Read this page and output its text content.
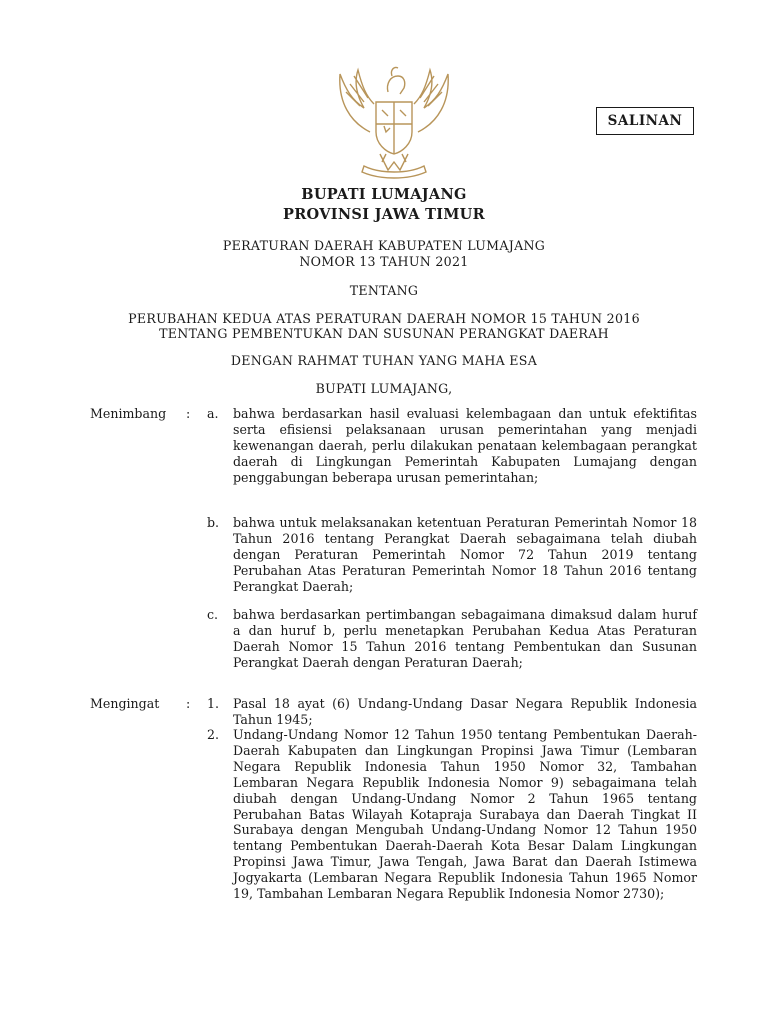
SALINAN
BUPATI LUMAJANG
PROVINSI JAWA TIMUR
PERATURAN DAERAH KABUPATEN LUMAJANG
NOMOR 13 TAHUN 2021
TENTANG
PERUBAHAN KEDUA ATAS PERATURAN DAERAH NOMOR 15 TAHUN 2016
TENTANG PEMBENTUKAN DAN SUSUNAN PERANGKAT DAERAH
DENGAN RAHMAT TUHAN YANG MAHA ESA
BUPATI LUMAJANG,
Menimbang : a. bahwa berdasarkan hasil evaluasi kelembagaan dan untuk efektifitas serta efisiensi pelaksanaan urusan pemerintahan yang menjadi kewenangan daerah, perlu dilakukan penataan kelembagaan perangkat daerah di Lingkungan Pemerintah Kabupaten Lumajang dengan penggabungan beberapa urusan pemerintahan;

b. bahwa untuk melaksanakan ketentuan Peraturan Pemerintah Nomor 18 Tahun 2016 tentang Perangkat Daerah sebagaimana telah diubah dengan Peraturan Pemerintah Nomor 72 Tahun 2019 tentang Perubahan Atas Peraturan Pemerintah Nomor 18 Tahun 2016 tentang Perangkat Daerah;

c. bahwa berdasarkan pertimbangan sebagaimana dimaksud dalam huruf a dan huruf b, perlu menetapkan Perubahan Kedua Atas Peraturan Daerah Nomor 15 Tahun 2016 tentang Pembentukan dan Susunan Perangkat Daerah dengan Peraturan Daerah;

Mengingat : 1. Pasal 18 ayat (6) Undang-Undang Dasar Negara Republik Indonesia Tahun 1945;

2. Undang-Undang Nomor 12 Tahun 1950 tentang Pembentukan Daerah-Daerah Kabupaten dan Lingkungan Propinsi Jawa Timur (Lembaran Negara Republik Indonesia Tahun 1950 Nomor 32, Tambahan Lembaran Negara Republik Indonesia Nomor 9) sebagaimana telah diubah dengan Undang-Undang Nomor 2 Tahun 1965 tentang Perubahan Batas Wilayah Kotapraja Surabaya dan Daerah Tingkat II Surabaya dengan Mengubah Undang-Undang Nomor 12 Tahun 1950 tentang Pembentukan Daerah-Daerah Kota Besar Dalam Lingkungan Propinsi Jawa Timur, Jawa Tengah, Jawa Barat dan Daerah Istimewa Jogyakarta (Lembaran Negara Republik Indonesia Tahun 1965 Nomor 19, Tambahan Lembaran Negara Republik Indonesia Nomor 2730);
